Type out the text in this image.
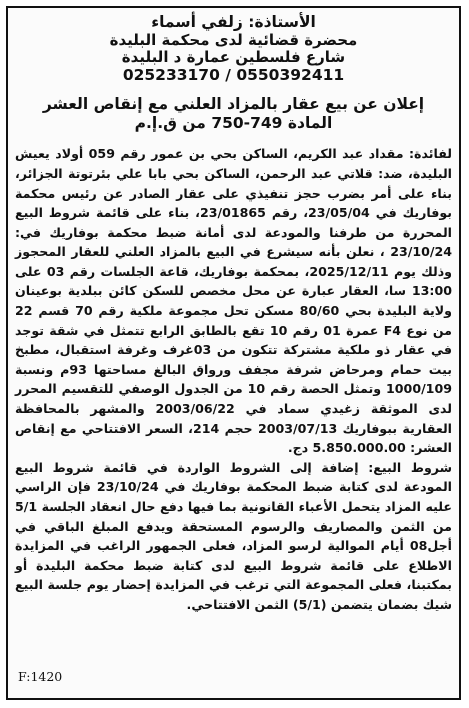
الأستاذة: زلفي أسماء
محضرة قضائية لدى محكمة البليدة
شارع فلسطين عمارة د البليدة
025233170 / 0550392411
إعلان عن بيع عقار بالمزاد العلني مع إنقاص العشر
المادة 749-750 من ق.إ.م

لفائدة: مقداد عبد الكريم، الساكن بحي بن عمور رقم 059 أولاد يعيش البليدة، ضد: قلاتي عبد الرحمن، الساكن بحي بابا علي بئرتوتة الجزائر، بناء على أمر بضرب حجز تنفيذي على عقار الصادر عن رئيس محكمة بوفاريك في 23/05/04، رقم 23/01865، بناء على قائمة شروط البيع المحررة من طرفنا والمودعة لدى أمانة ضبط محكمة بوفاريك في: 23/10/24 ، نعلن بأنه سيشرع في البيع بالمزاد العلني للعقار المحجوز وذلك يوم 2025/12/11، بمحكمة بوفاريك، قاعة الجلسات رقم 03 على 13:00 سا، العقار عبارة عن محل مخصص للسكن كائن ببلدية بوعينان ولاية البليدة بحي 80/60 مسكن تحل مجموعة ملكية رقم 70 قسم 22 من نوع F4 عمرة 01 رقم 10 تقع بالطابق الرابع تتمثل في شقة توجد في عقار ذو ملكية مشتركة تتكون من 03غرف وغرفة استقبال، مطبخ بيت حمام ومرحاض شرفة مجفف ورواق البالغ مساحتها 93م ونسبة 1000/109 وتمثل الحصة رقم 10 من الجدول الوصفي للتقسيم المحرر لدى الموثقة زغيدي سماد في 2003/06/22 والمشهر بالمحافظة العقارية ببوفاريك 2003/07/13 حجم 214، السعر الافتتاحي مع إنقاص العشر: 5.850.000.00 دج.

شروط البيع: إضافة إلى الشروط الواردة في قائمة شروط البيع المودعة لدى كتابة ضبط المحكمة بوفاريك في 23/10/24 فإن الراسي عليه المزاد يتحمل الأعباء القانونية بما فيها دفع حال انعقاد الجلسة 5/1 من الثمن والمصاريف والرسوم المستحقة ويدفع المبلغ الباقي في أجل08 أيام الموالية لرسو المزاد، فعلى الجمهور الراغب في المزايدة الاطلاع على قائمة شروط البيع لدى كتابة ضبط محكمة البليدة أو بمكتبنا، فعلى المجموعة التي ترغب في المزايدة إحضار يوم جلسة البيع شيك بضمان يتضمن (5/1) الثمن الافتتاحي.

F:1420
